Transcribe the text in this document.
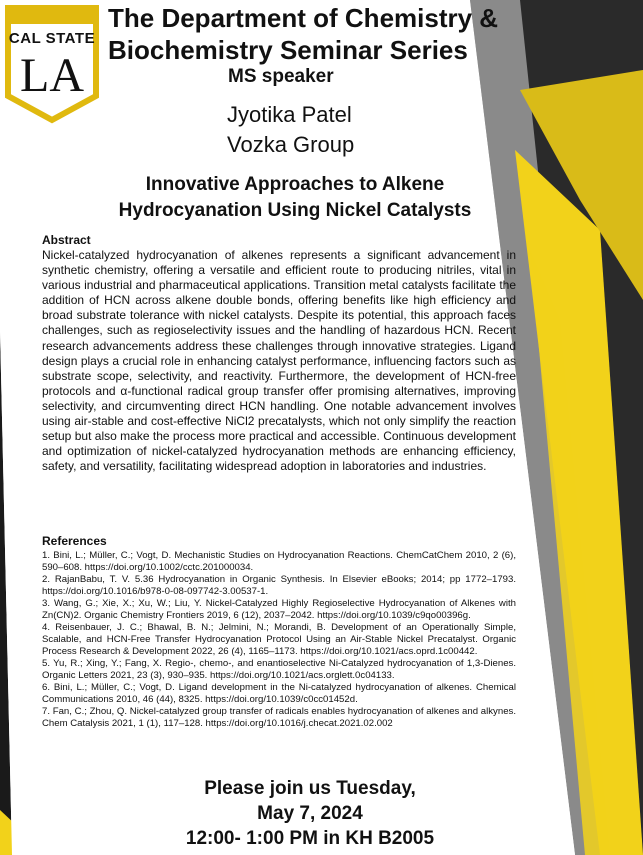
CAL STATE
LA
The Department of Chemistry &
Biochemistry Seminar Series
MS speaker
Jyotika Patel
Vozka Group
Innovative Approaches to Alkene
Hydrocyanation Using Nickel Catalysts
Abstract
Nickel-catalyzed hydrocyanation of alkenes represents a significant advancement in synthetic chemistry, offering a versatile and efficient route to producing nitriles, vital in various industrial and pharmaceutical applications. Transition metal catalysts facilitate the addition of HCN across alkene double bonds, offering benefits like high efficiency and broad substrate tolerance with nickel catalysts. Despite its potential, this approach faces challenges, such as regioselectivity issues and the handling of hazardous HCN. Recent research advancements address these challenges through innovative strategies. Ligand design plays a crucial role in enhancing catalyst performance, influencing factors such as substrate scope, selectivity, and reactivity. Furthermore, the development of HCN-free protocols and α-functional radical group transfer offer promising alternatives, improving selectivity, and circumventing direct HCN handling. One notable advancement involves using air-stable and cost-effective NiCl2 precatalysts, which not only simplify the reaction setup but also make the process more practical and accessible. Continuous development and optimization of nickel-catalyzed hydrocyanation methods are enhancing efficiency, safety, and versatility, facilitating widespread adoption in laboratories and industries.
References
1. Bini, L.; Müller, C.; Vogt, D. Mechanistic Studies on Hydrocyanation Reactions. ChemCatChem 2010, 2 (6), 590–608. https://doi.org/10.1002/cctc.201000034.
2. RajanBabu, T. V. 5.36 Hydrocyanation in Organic Synthesis. In Elsevier eBooks; 2014; pp 1772–1793. https://doi.org/10.1016/b978-0-08-097742-3.00537-1.
3. Wang, G.; Xie, X.; Xu, W.; Liu, Y. Nickel-Catalyzed Highly Regioselective Hydrocyanation of Alkenes with Zn(CN)2. Organic Chemistry Frontiers 2019, 6 (12), 2037–2042. https://doi.org/10.1039/c9qo00396g.
4. Reisenbauer, J. C.; Bhawal, B. N.; Jelmini, N.; Morandi, B. Development of an Operationally Simple, Scalable, and HCN-Free Transfer Hydrocyanation Protocol Using an Air-Stable Nickel Precatalyst. Organic Process Research & Development 2022, 26 (4), 1165–1173. https://doi.org/10.1021/acs.oprd.1c00442.
5. Yu, R.; Xing, Y.; Fang, X. Regio-, chemo-, and enantioselective Ni-Catalyzed hydrocyanation of 1,3-Dienes. Organic Letters 2021, 23 (3), 930–935. https://doi.org/10.1021/acs.orglett.0c04133.
6. Bini, L.; Müller, C.; Vogt, D. Ligand development in the Ni-catalyzed hydrocyanation of alkenes. Chemical Communications 2010, 46 (44), 8325. https://doi.org/10.1039/c0cc01452d.
7. Fan, C.; Zhou, Q. Nickel-catalyzed group transfer of radicals enables hydrocyanation of alkenes and alkynes. Chem Catalysis 2021, 1 (1), 117–128. https://doi.org/10.1016/j.checat.2021.02.002
Please join us Tuesday,
May 7, 2024
12:00- 1:00 PM in KH B2005
